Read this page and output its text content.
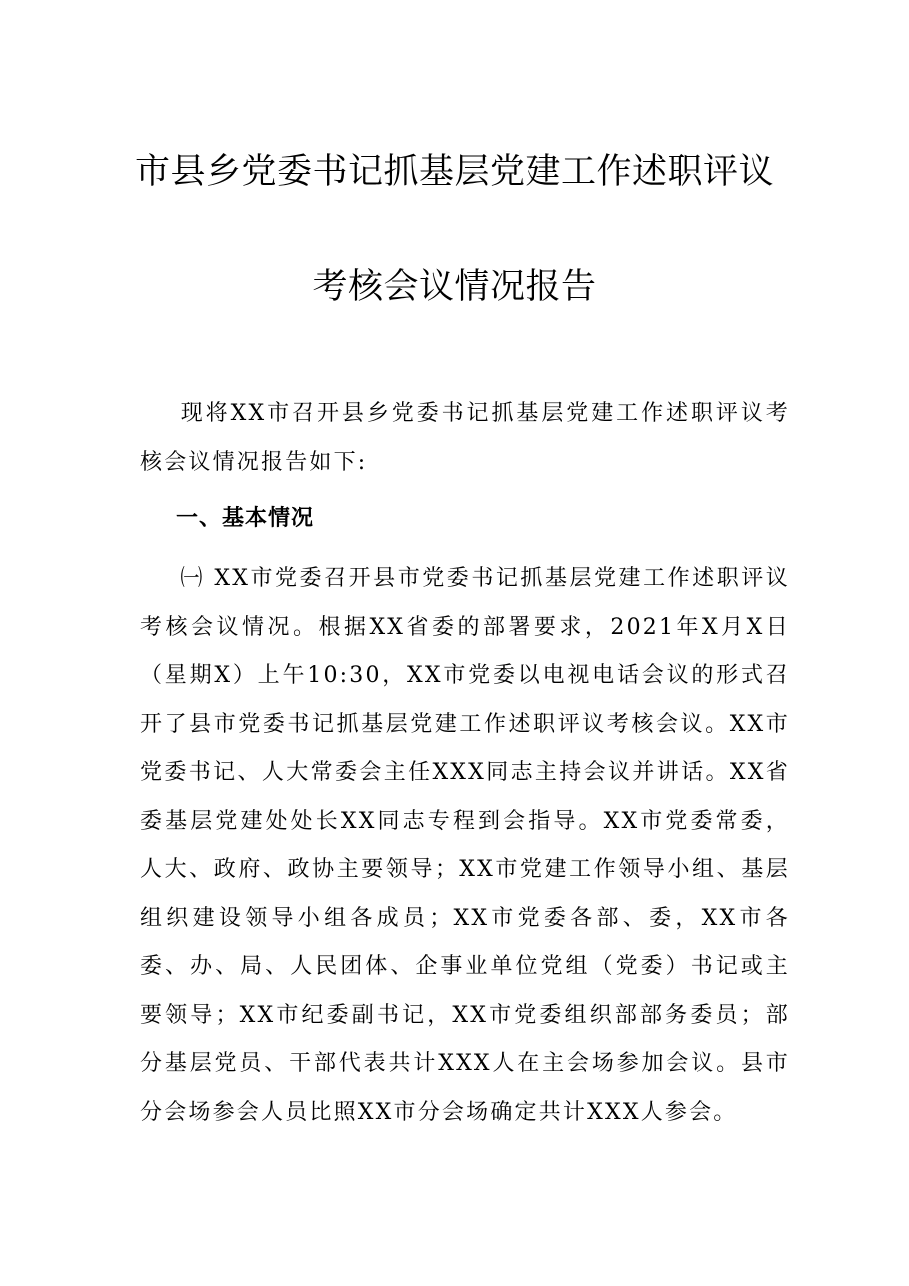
市县乡党委书记抓基层党建工作述职评议
考核会议情况报告

现将XX市召开县乡党委书记抓基层党建工作述职评议考核会议情况报告如下:

一、基本情况

㈠ XX市党委召开县市党委书记抓基层党建工作述职评议考核会议情况。根据XX省委的部署要求，2021年X月X日（星期X）上午10:30，XX市党委以电视电话会议的形式召开了县市党委书记抓基层党建工作述职评议考核会议。XX市党委书记、人大常委会主任XXX同志主持会议并讲话。XX省委基层党建处处长XX同志专程到会指导。XX市党委常委，人大、政府、政协主要领导；XX市党建工作领导小组、基层组织建设领导小组各成员；XX市党委各部、委，XX市各委、办、局、人民团体、企事业单位党组（党委）书记或主要领导；XX市纪委副书记，XX市党委组织部部务委员；部分基层党员、干部代表共计XXX人在主会场参加会议。县市分会场参会人员比照XX市分会场确定共计XXX人参会。
